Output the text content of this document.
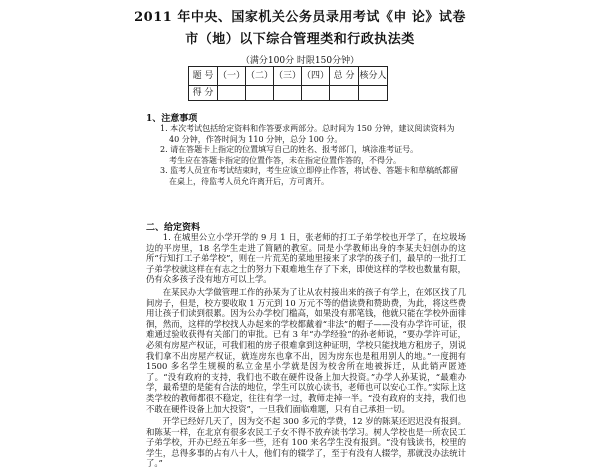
2011 年中央、国家机关公务员录用考试《申 论》试卷
市（地）以下综合管理类和行政执法类
（满分100分 时限150分钟）
题 号	（一）	（二）	（三）	（四）	总 分	核分人
得 分						
1、注意事项
1. 本次考试包括给定资料和作答要求两部分。总时间为 150 分钟，建议阅读资料为
40 分钟，作答时间为 110 分钟，总分 100 分。
2. 请在答题卡上指定的位置填写自己的姓名、报考部门，填涂准考证号。
考生应在答题卡指定的位置作答，未在指定位置作答的，不得分。
3. 监考人员宣布考试结束时，考生应该立即停止作答，将试卷、答题卡和草稿纸都留
在桌上，待监考人员允许离开后，方可离开。
二、给定资料

1. 在城里公立小学开学的 9 月 1 日，张老师的打工子弟学校也开学了，在垃圾场边的平房里，18 名学生走进了简陋的教室。同是小学教师出身的李某夫妇创办的这所“行知打工子弟学校”，则在一片荒芜的菜地里接来了求学的孩子们，最早的一批打工子弟学校就这样在有志之士的努力下艰难地生存了下来，即使这样的学校也数量有限，仍有众多孩子没有地方可以上学。

在某民办大学做管理工作的孙某为了让从农村接出来的孩子有学上，在郊区找了几间房子，但是，校方要收取 1 万元到 10 万元不等的借读费和赞助费，为此，将这些费用让孩子们读到很累。因为公办学校门槛高，如果没有那笔钱，他就只能在学校外面徘徊，然而，这样的学校找人办起来的学校都戴着“非法”的帽子——没有办学许可证，很难通过验收获得有关部门的审批。已有 3 年“办学经验”的孙老师说，“要办学许可证，必须有房屋产权证，可我们租的房子很难拿到这种证明，学校只能找地方租房子，別说我们拿不出房屋产权证，就连房东也拿不出，因为房东也是租用别人的地。”一度拥有 1500 多名学生规模的私立金星小学就是因为校舍所在地被拆迁，从此销声匿迹了。“没有政府的支持，我们也不敢在硬件设备上加大投资。”办学人孙某说，“最难办学，最希望的是能有合法的地位，学生可以放心读书，老师也可以安心工作。”实际上这类学校的教师都很不稳定，往往有学一过，教师走掉一半。“没有政府的支持，我们也不敢在硬件设备上加大投资”，一旦我们面临难题，只有自己承担一切。

开学已经好几天了，因为交不起 300 多元的学费，12 岁的陈某还迟迟没有报到。和陈某一样，在北京有很多农民工子女不得不放弃读书学习。树人学校也是一所农民工子弟学校，开办已经五年多一些，还有 100 来名学生没有报到。“没有钱读书，校里的学生，总得多事的占有八十人，他们有的辍学了，至于有没有人辍学，那就没办法统计了。”
